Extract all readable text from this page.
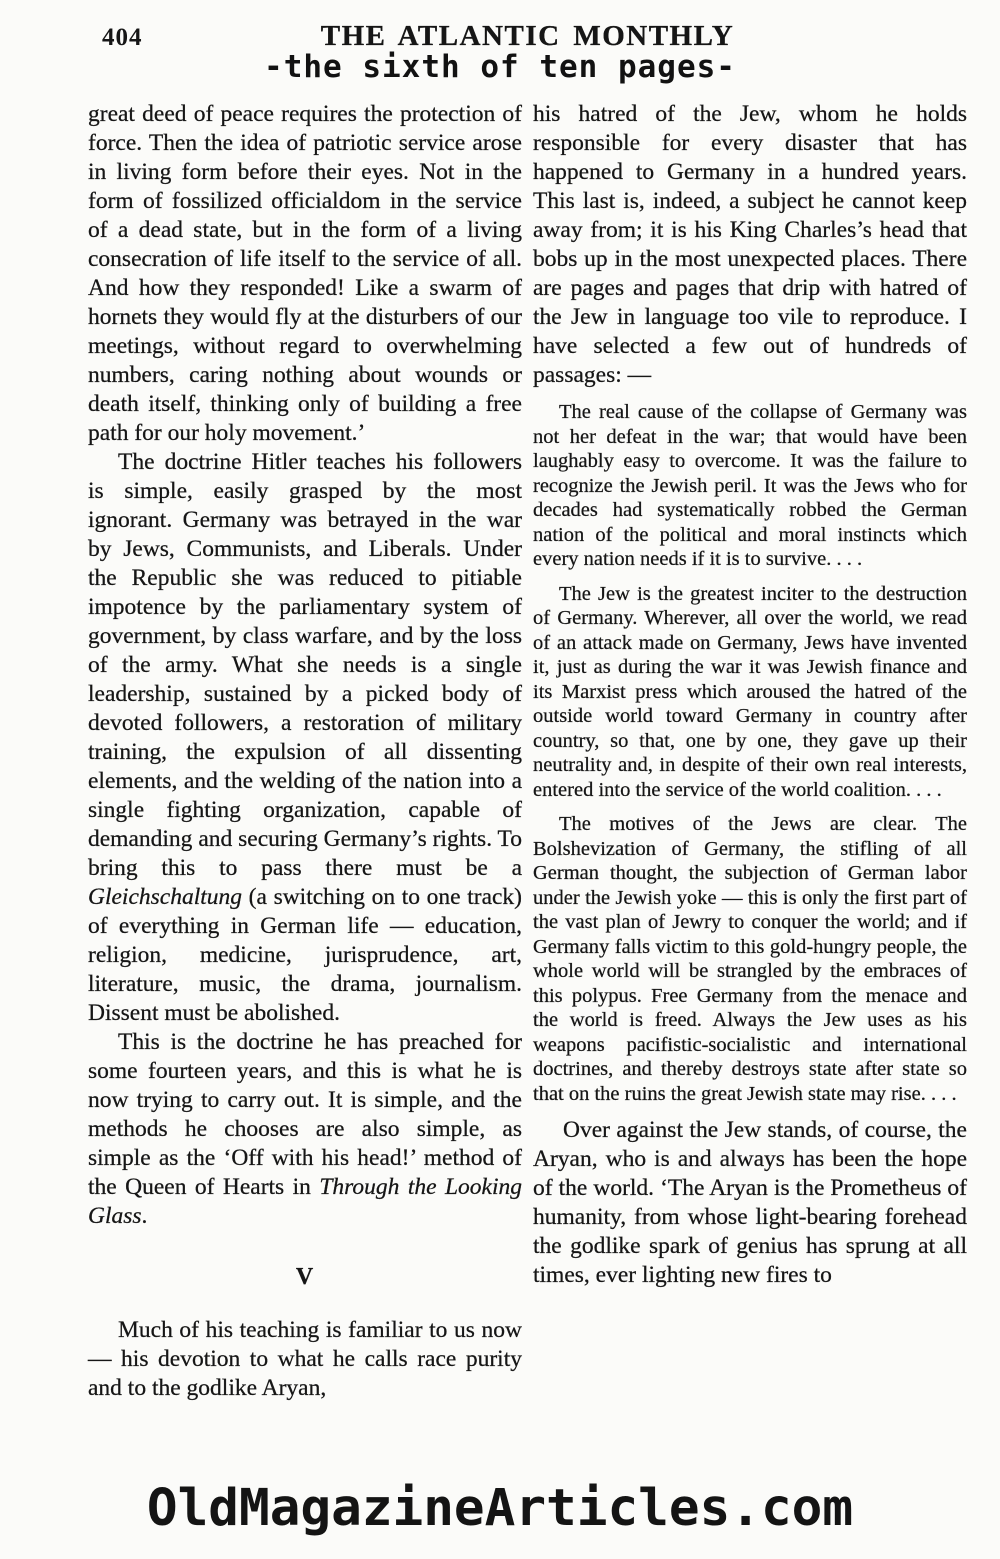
404	THE ATLANTIC MONTHLY
-the sixth of ten pages-
great deed of peace requires the protection of force. Then the idea of patriotic service arose in living form before their eyes. Not in the form of fossilized officialdom in the service of a dead state, but in the form of a living consecration of life itself to the service of all. And how they responded! Like a swarm of hornets they would fly at the disturbers of our meetings, without regard to overwhelming numbers, caring nothing about wounds or death itself, thinking only of building a free path for our holy movement.’
The doctrine Hitler teaches his followers is simple, easily grasped by the most ignorant. Germany was betrayed in the war by Jews, Communists, and Liberals. Under the Republic she was reduced to pitiable impotence by the parliamentary system of government, by class warfare, and by the loss of the army. What she needs is a single leadership, sustained by a picked body of devoted followers, a restoration of military training, the expulsion of all dissenting elements, and the welding of the nation into a single fighting organization, capable of demanding and securing Germany’s rights. To bring this to pass there must be a Gleichschaltung (a switching on to one track) of everything in German life — education, religion, medicine, jurisprudence, art, literature, music, the drama, journalism. Dissent must be abolished.
This is the doctrine he has preached for some fourteen years, and this is what he is now trying to carry out. It is simple, and the methods he chooses are also simple, as simple as the ‘Off with his head!’ method of the Queen of Hearts in Through the Looking Glass.
V
Much of his teaching is familiar to us now — his devotion to what he calls race purity and to the godlike Aryan,
his hatred of the Jew, whom he holds responsible for every disaster that has happened to Germany in a hundred years. This last is, indeed, a subject he cannot keep away from; it is his King Charles’s head that bobs up in the most unexpected places. There are pages and pages that drip with hatred of the Jew in language too vile to reproduce. I have selected a few out of hundreds of passages: —
The real cause of the collapse of Germany was not her defeat in the war; that would have been laughably easy to overcome. It was the failure to recognize the Jewish peril. It was the Jews who for decades had systematically robbed the German nation of the political and moral instincts which every nation needs if it is to survive. . . .
The Jew is the greatest inciter to the destruction of Germany. Wherever, all over the world, we read of an attack made on Germany, Jews have invented it, just as during the war it was Jewish finance and its Marxist press which aroused the hatred of the outside world toward Germany in country after country, so that, one by one, they gave up their neutrality and, in despite of their own real interests, entered into the service of the world coalition. . . .
The motives of the Jews are clear. The Bolshevization of Germany, the stifling of all German thought, the subjection of German labor under the Jewish yoke — this is only the first part of the vast plan of Jewry to conquer the world; and if Germany falls victim to this gold-hungry people, the whole world will be strangled by the embraces of this polypus. Free Germany from the menace and the world is freed. Always the Jew uses as his weapons pacifistic-socialistic and international doctrines, and thereby destroys state after state so that on the ruins the great Jewish state may rise. . . .
Over against the Jew stands, of course, the Aryan, who is and always has been the hope of the world. ‘The Aryan is the Prometheus of humanity, from whose light-bearing forehead the godlike spark of genius has sprung at all times, ever lighting new fires to
OldMagazineArticles.com
